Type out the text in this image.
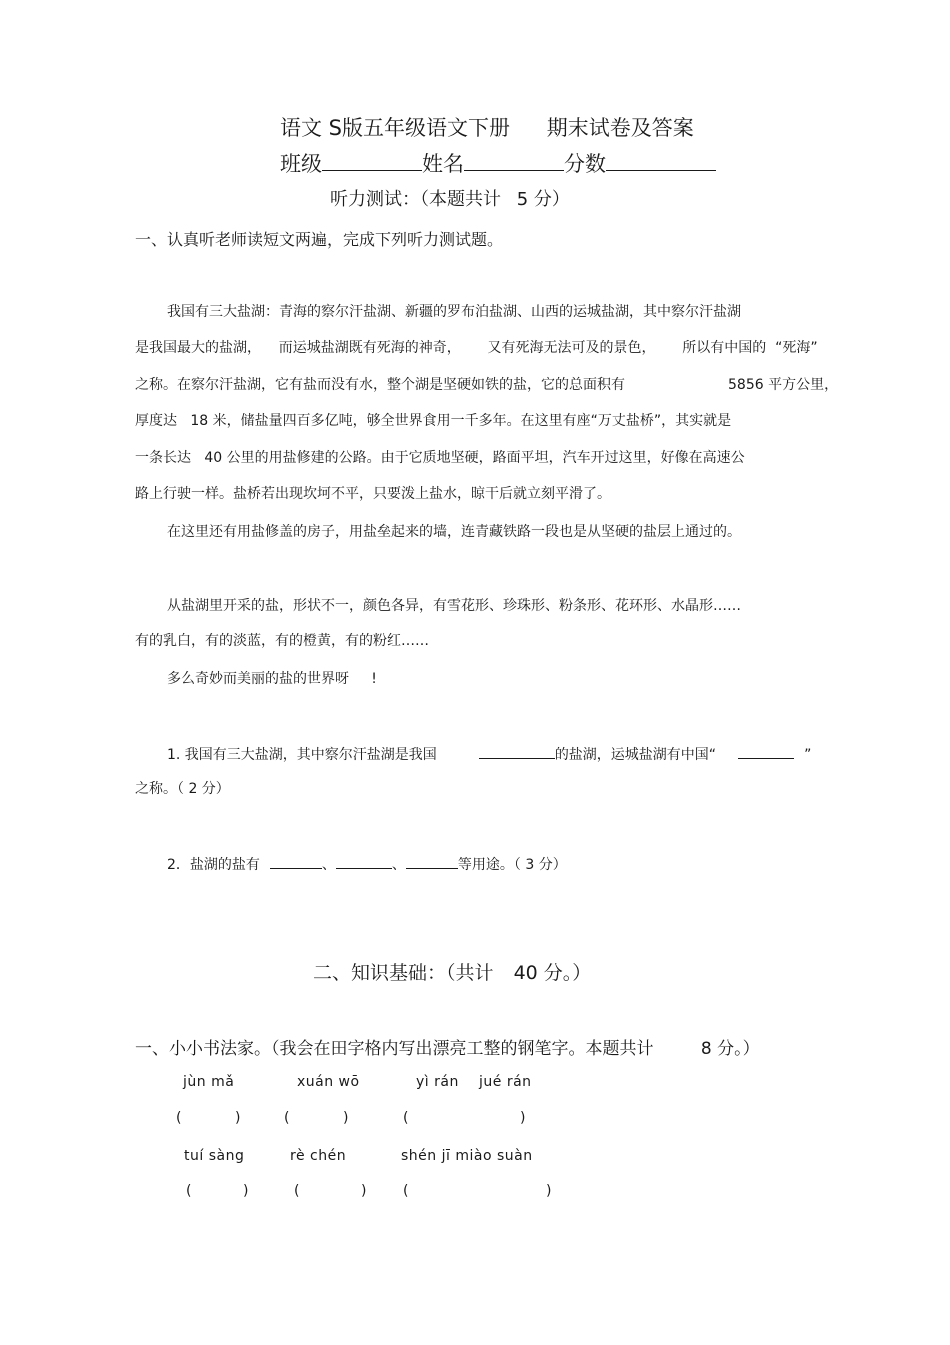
语文 S版五年级语文下册 期末试卷及答案
班级	姓名	分数
听力测试：（本题共计 5 分）
一、认真听老师读短文两遍，完成下列听力测试题。
我国有三大盐湖：青海的察尔汗盐湖、新疆的罗布泊盐湖、山西的运城盐湖，其中察尔汗盐湖
是我国最大的盐湖，    而运城盐湖既有死海的神奇，      又有死海无法可及的景色，      所以有中国的  “死海”
之称。在察尔汗盐湖，它有盐而没有水，整个湖是坚硬如铁的盐，它的总面积有	5856 平方公里，
厚度达   18 米，储盐量四百多亿吨，够全世界食用一千多年。在这里有座“万丈盐桥”，其实就是
一条长达   40 公里的用盐修建的公路。由于它质地坚硬，路面平坦，汽车开过这里，好像在高速公
路上行驶一样。盐桥若出现坎坷不平，只要泼上盐水，晾干后就立刻平滑了。
在这里还有用盐修盖的房子，用盐垒起来的墙，连青藏铁路一段也是从坚硬的盐层上通过的。
从盐湖里开采的盐，形状不一，颜色各异，有雪花形、珍珠形、粉条形、花环形、水晶形……
有的乳白，有的淡蓝，有的橙黄，有的粉红……
多么奇妙而美丽的盐的世界呀     !
1. 我国有三大盐湖，其中察尔汗盐湖是我国	的盐湖，运城盐湖有中国“	”
之称。（ 2 分）
2．盐湖的盐有	、	、	等用途。（ 3 分）
二、知识基础：（共计 40 分。）
一、小小书法家。（我会在田字格内写出漂亮工整的钢笔字。本题共计	8 分。）
jùn mǎ	xuán wō	yì rán jué rán
(	)	(	)	(	)
tuí sàng	rè chén	shén jī miào suàn
(	)	(	)	(	)
